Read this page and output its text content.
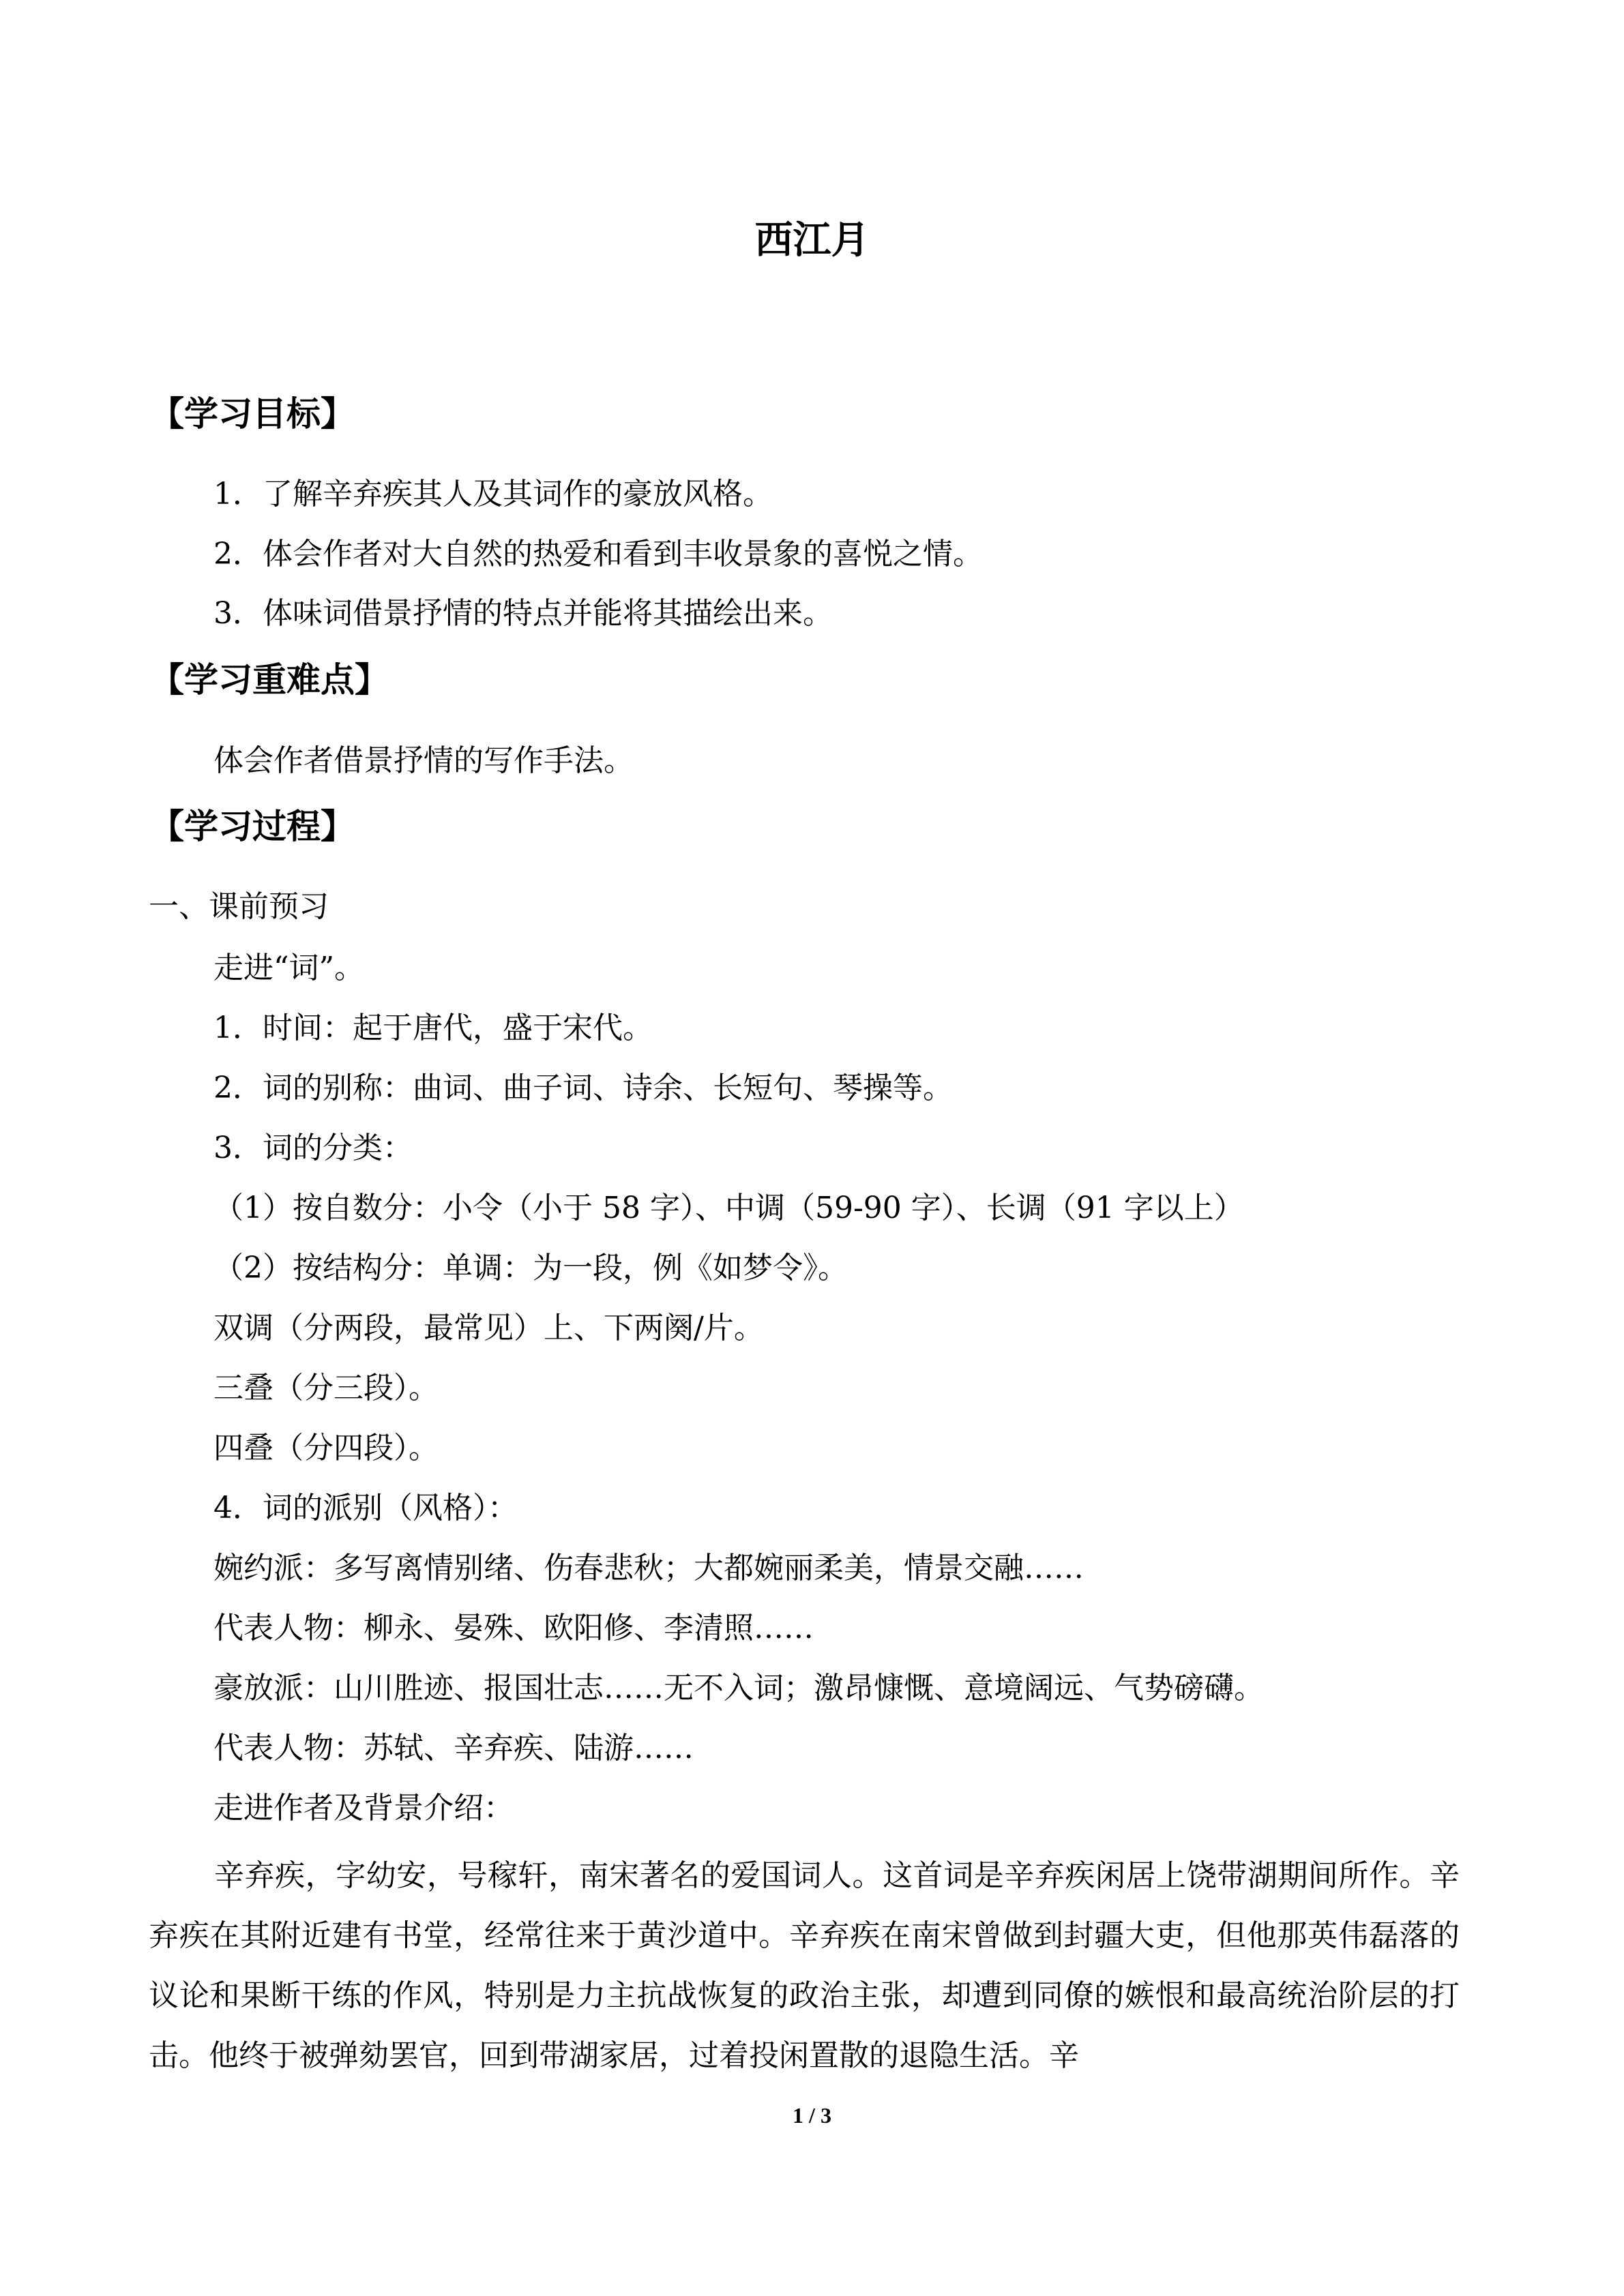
西江月
【学习目标】
1．了解辛弃疾其人及其词作的豪放风格。
2．体会作者对大自然的热爱和看到丰收景象的喜悦之情。
3．体味词借景抒情的特点并能将其描绘出来。
【学习重难点】
体会作者借景抒情的写作手法。
【学习过程】
一、课前预习
走进“词”。
1．时间：起于唐代，盛于宋代。
2．词的别称：曲词、曲子词、诗余、长短句、琴操等。
3．词的分类：
（1）按自数分：小令（小于 58 字）、中调（59-90 字）、长调（91 字以上）
（2）按结构分：单调：为一段，例《如梦令》。
双调（分两段，最常见）上、下两阕/片。
三叠（分三段）。
四叠（分四段）。
4．词的派别（风格）：
婉约派：多写离情别绪、伤春悲秋；大都婉丽柔美，情景交融……
代表人物：柳永、晏殊、欧阳修、李清照……
豪放派：山川胜迹、报国壮志……无不入词；激昂慷慨、意境阔远、气势磅礴。
代表人物：苏轼、辛弃疾、陆游……
走进作者及背景介绍：
辛弃疾，字幼安，号稼轩，南宋著名的爱国词人。这首词是辛弃疾闲居上饶带湖期间所作。辛弃疾在其附近建有书堂，经常往来于黄沙道中。辛弃疾在南宋曾做到封疆大吏，但他那英伟磊落的议论和果断干练的作风，特别是力主抗战恢复的政治主张，却遭到同僚的嫉恨和最高统治阶层的打击。他终于被弹劾罢官，回到带湖家居，过着投闲置散的退隐生活。辛
1 / 3
